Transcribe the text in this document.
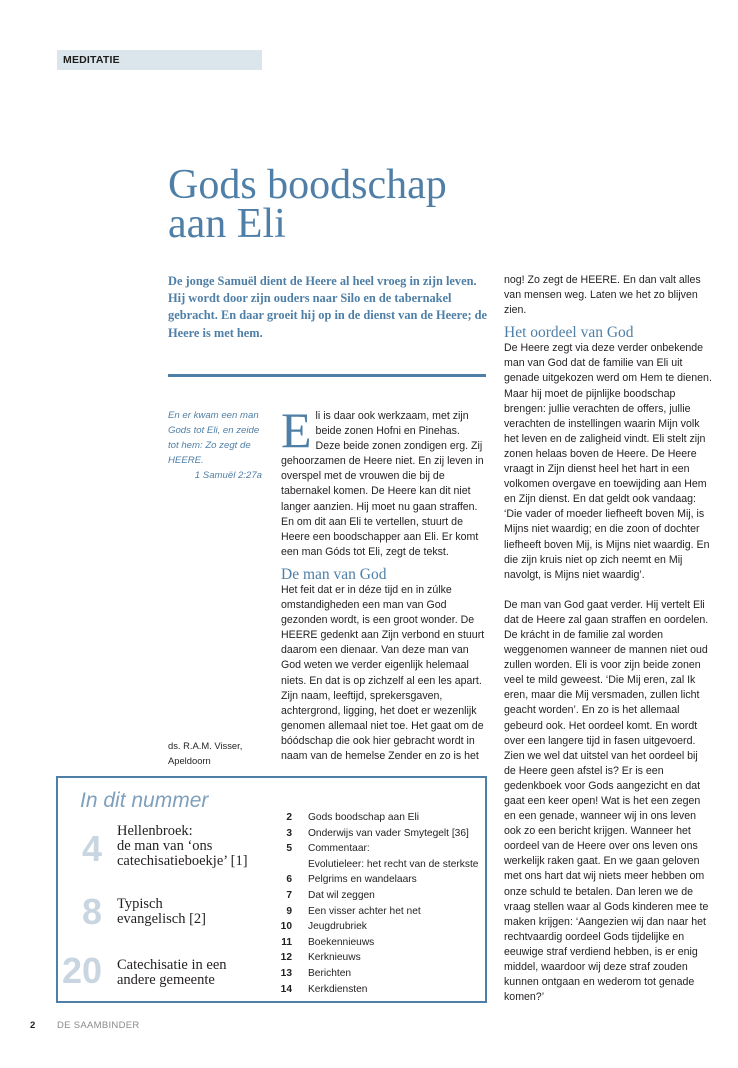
MEDITATIE
Gods boodschap
aan Eli

De jonge Samuël dient de Heere al heel vroeg in zijn leven. Hij wordt door zijn ouders naar Silo en de tabernakel gebracht. En daar groeit hij op in de dienst van de Heere; de Heere is met hem.

En er kwam een man Gods tot Eli, en zeide tot hem: Zo zegt de HEERE.
1 Samuël 2:27a
ds. R.A.M. Visser,
Apeldoorn

Eli is daar ook werkzaam, met zijn beide zonen Hofni en Pinehas. Deze beide zonen zondigen erg. Zij gehoorzamen de Heere niet. En zij leven in overspel met de vrouwen die bij de tabernakel komen. De Heere kan dit niet langer aanzien. Hij moet nu gaan straffen. En om dit aan Eli te vertellen, stuurt de Heere een boodschapper aan Eli. Er komt een man Góds tot Eli, zegt de tekst.

De man van God

Het feit dat er in déze tijd en in zúlke omstandigheden een man van God gezonden wordt, is een groot wonder. De HEERE gedenkt aan Zijn verbond en stuurt daarom een dienaar. Van deze man van God weten we verder eigenlijk helemaal niets. En dat is op zichzelf al een les apart. Zijn naam, leeftijd, sprekersgaven, achtergrond, ligging, het doet er wezenlijk genomen allemaal niet toe. Het gaat om de bóódschap die ook hier gebracht wordt in naam van de hemelse Zender en zo is het

nog! Zo zegt de HEERE. En dan valt alles van mensen weg. Laten we het zo blijven zien.

Het oordeel van God

De Heere zegt via deze verder onbekende man van God dat de familie van Eli uit genade uitgekozen werd om Hem te dienen. Maar hij moet de pijnlijke boodschap brengen: jullie verachten de offers, jullie verachten de instellingen waarin Mijn volk het leven en de zaligheid vindt. Eli stelt zijn zonen helaas boven de Heere. De Heere vraagt in Zijn dienst heel het hart in een volkomen overgave en toewijding aan Hem en Zijn dienst. En dat geldt ook vandaag: ‘Die vader of moeder liefheeft boven Mij, is Mijns niet waardig; en die zoon of dochter liefheeft boven Mij, is Mijns niet waardig. En die zijn kruis niet op zich neemt en Mij navolgt, is Mijns niet waardig’.

De man van God gaat verder. Hij vertelt Eli dat de Heere zal gaan straffen en oordelen. De krácht in de familie zal worden weggenomen wanneer de mannen niet oud zullen worden. Eli is voor zijn beide zonen veel te mild geweest. ‘Die Mij eren, zal Ik eren, maar die Mij versmaden, zullen licht geacht worden’. En zo is het allemaal gebeurd ook. Het oordeel komt. En wordt over een langere tijd in fasen uitgevoerd. Zien we wel dat uitstel van het oordeel bij de Heere geen afstel is? Er is een gedenkboek voor Gods aangezicht en dat gaat een keer open! Wat is het een zegen en een genade, wanneer wij in ons leven ook zo een bericht krijgen. Wanneer het oordeel van de Heere over ons leven ons werkelijk raken gaat. En we gaan geloven met ons hart dat wij niets meer hebben om onze schuld te betalen. Dan leren we de vraag stellen waar al Gods kinderen mee te maken krijgen: ‘Aangezien wij dan naar het rechtvaardig oordeel Gods tijdelijke en eeuwige straf verdiend hebben, is er enig middel, waardoor wij deze straf zouden kunnen ontgaan en wederom tot genade komen?’

In dit nummer
4 Hellenbroek:
de man van ‘ons
catechisatieboekje’ [1]
8 Typisch
evangelisch [2]
20 Catechisatie in een
andere gemeente
2 Gods boodschap aan Eli
3 Onderwijs van vader Smytegelt [36]
5 Commentaar:
Evolutieleer: het recht van de sterkste
6 Pelgrims en wandelaars
7 Dat wil zeggen
9 Een visser achter het net
10 Jeugdrubriek
11 Boekennieuws
12 Kerknieuws
13 Berichten
14 Kerkdiensten
2 DE SAAMBINDER
